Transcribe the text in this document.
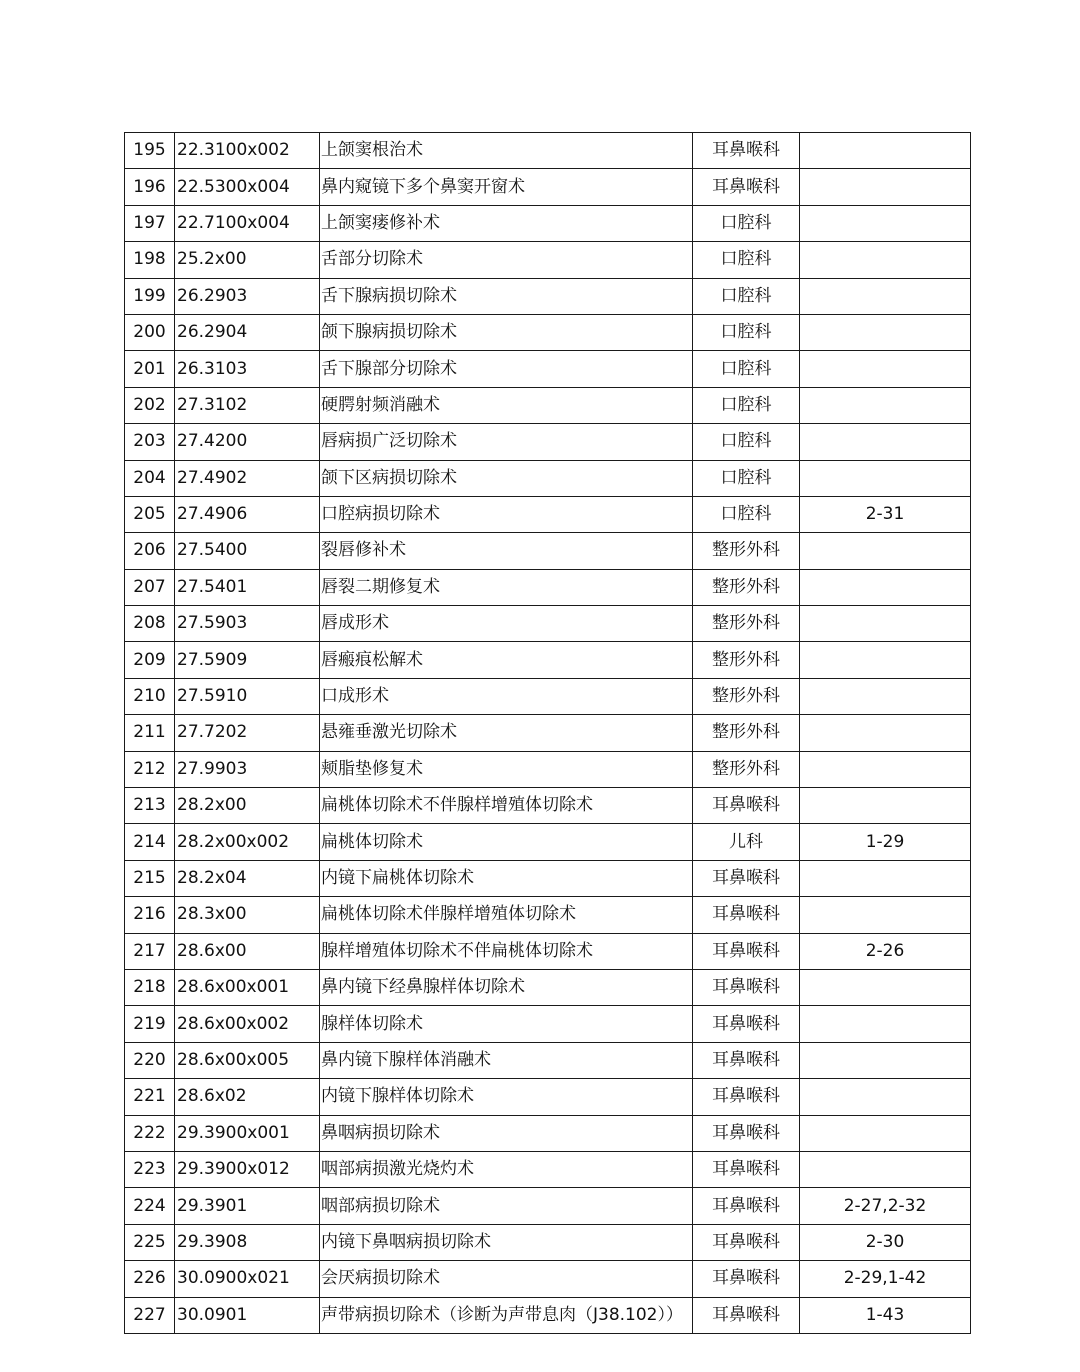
195	22.3100x002	上颌窦根治术	耳鼻喉科	
196	22.5300x004	鼻内窥镜下多个鼻窦开窗术	耳鼻喉科	
197	22.7100x004	上颌窦瘘修补术	口腔科	
198	25.2x00	舌部分切除术	口腔科	
199	26.2903	舌下腺病损切除术	口腔科	
200	26.2904	颌下腺病损切除术	口腔科	
201	26.3103	舌下腺部分切除术	口腔科	
202	27.3102	硬腭射频消融术	口腔科	
203	27.4200	唇病损广泛切除术	口腔科	
204	27.4902	颌下区病损切除术	口腔科	
205	27.4906	口腔病损切除术	口腔科	2-31
206	27.5400	裂唇修补术	整形外科	
207	27.5401	唇裂二期修复术	整形外科	
208	27.5903	唇成形术	整形外科	
209	27.5909	唇瘢痕松解术	整形外科	
210	27.5910	口成形术	整形外科	
211	27.7202	悬雍垂激光切除术	整形外科	
212	27.9903	颊脂垫修复术	整形外科	
213	28.2x00	扁桃体切除术不伴腺样增殖体切除术	耳鼻喉科	
214	28.2x00x002	扁桃体切除术	儿科	1-29
215	28.2x04	内镜下扁桃体切除术	耳鼻喉科	
216	28.3x00	扁桃体切除术伴腺样增殖体切除术	耳鼻喉科	
217	28.6x00	腺样增殖体切除术不伴扁桃体切除术	耳鼻喉科	2-26
218	28.6x00x001	鼻内镜下经鼻腺样体切除术	耳鼻喉科	
219	28.6x00x002	腺样体切除术	耳鼻喉科	
220	28.6x00x005	鼻内镜下腺样体消融术	耳鼻喉科	
221	28.6x02	内镜下腺样体切除术	耳鼻喉科	
222	29.3900x001	鼻咽病损切除术	耳鼻喉科	
223	29.3900x012	咽部病损激光烧灼术	耳鼻喉科	
224	29.3901	咽部病损切除术	耳鼻喉科	2-27,2-32
225	29.3908	内镜下鼻咽病损切除术	耳鼻喉科	2-30
226	30.0900x021	会厌病损切除术	耳鼻喉科	2-29,1-42
227	30.0901	声带病损切除术（诊断为声带息肉（J38.102））	耳鼻喉科	1-43
